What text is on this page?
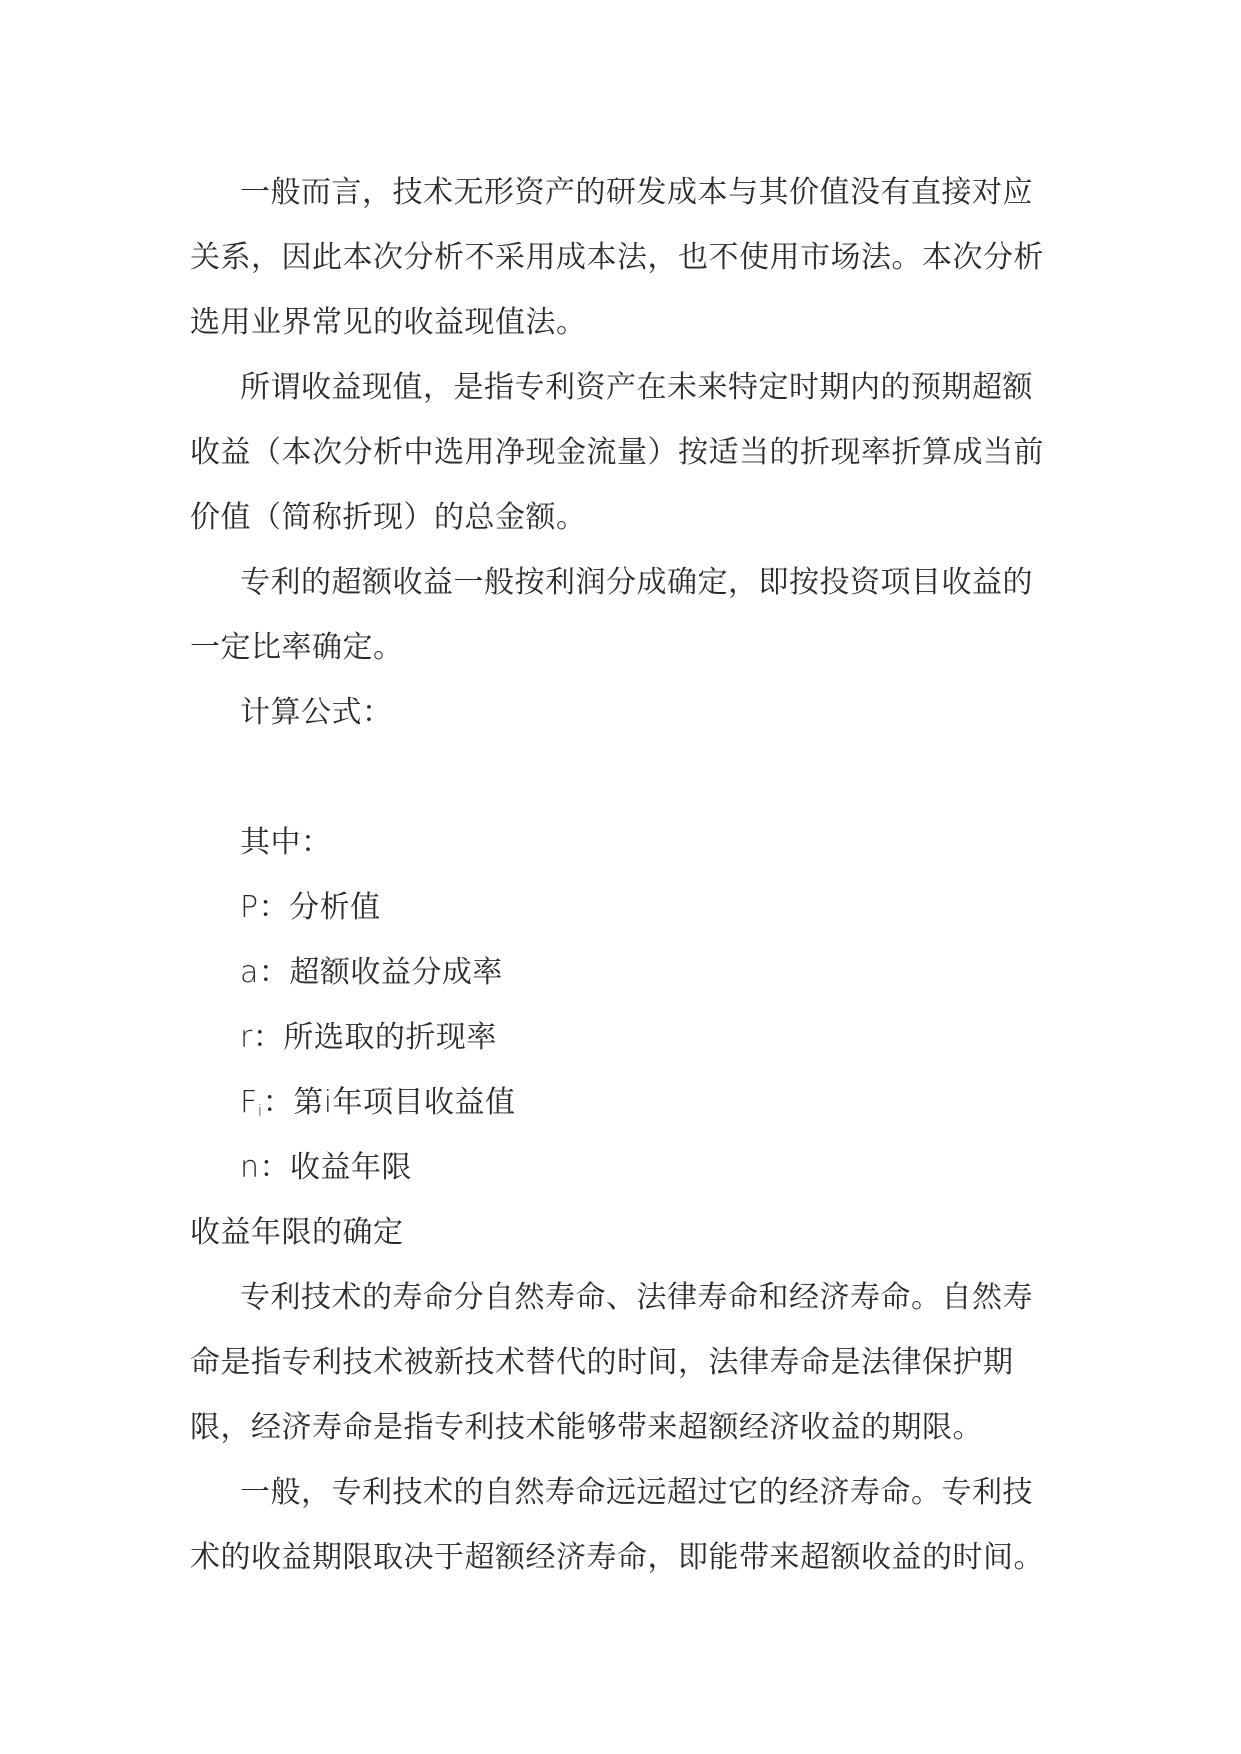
一般而言，技术无形资产的研发成本与其价值没有直接对应关系，因此本次分析不采用成本法，也不使用市场法。本次分析选用业界常见的收益现值法。

所谓收益现值，是指专利资产在未来特定时期内的预期超额收益（本次分析中选用净现金流量）按适当的折现率折算成当前价值（简称折现）的总金额。

专利的超额收益一般按利润分成确定，即按投资项目收益的一定比率确定。

计算公式：

其中：

P：分析值

a：超额收益分成率

r：所选取的折现率

$F_i$：第i年项目收益值

n：收益年限

收益年限的确定

专利技术的寿命分自然寿命、法律寿命和经济寿命。自然寿命是指专利技术被新技术替代的时间，法律寿命是法律保护期限，经济寿命是指专利技术能够带来超额经济收益的期限。

一般，专利技术的自然寿命远远超过它的经济寿命。专利技术的收益期限取决于超额经济寿命，即能带来超额收益的时间。
